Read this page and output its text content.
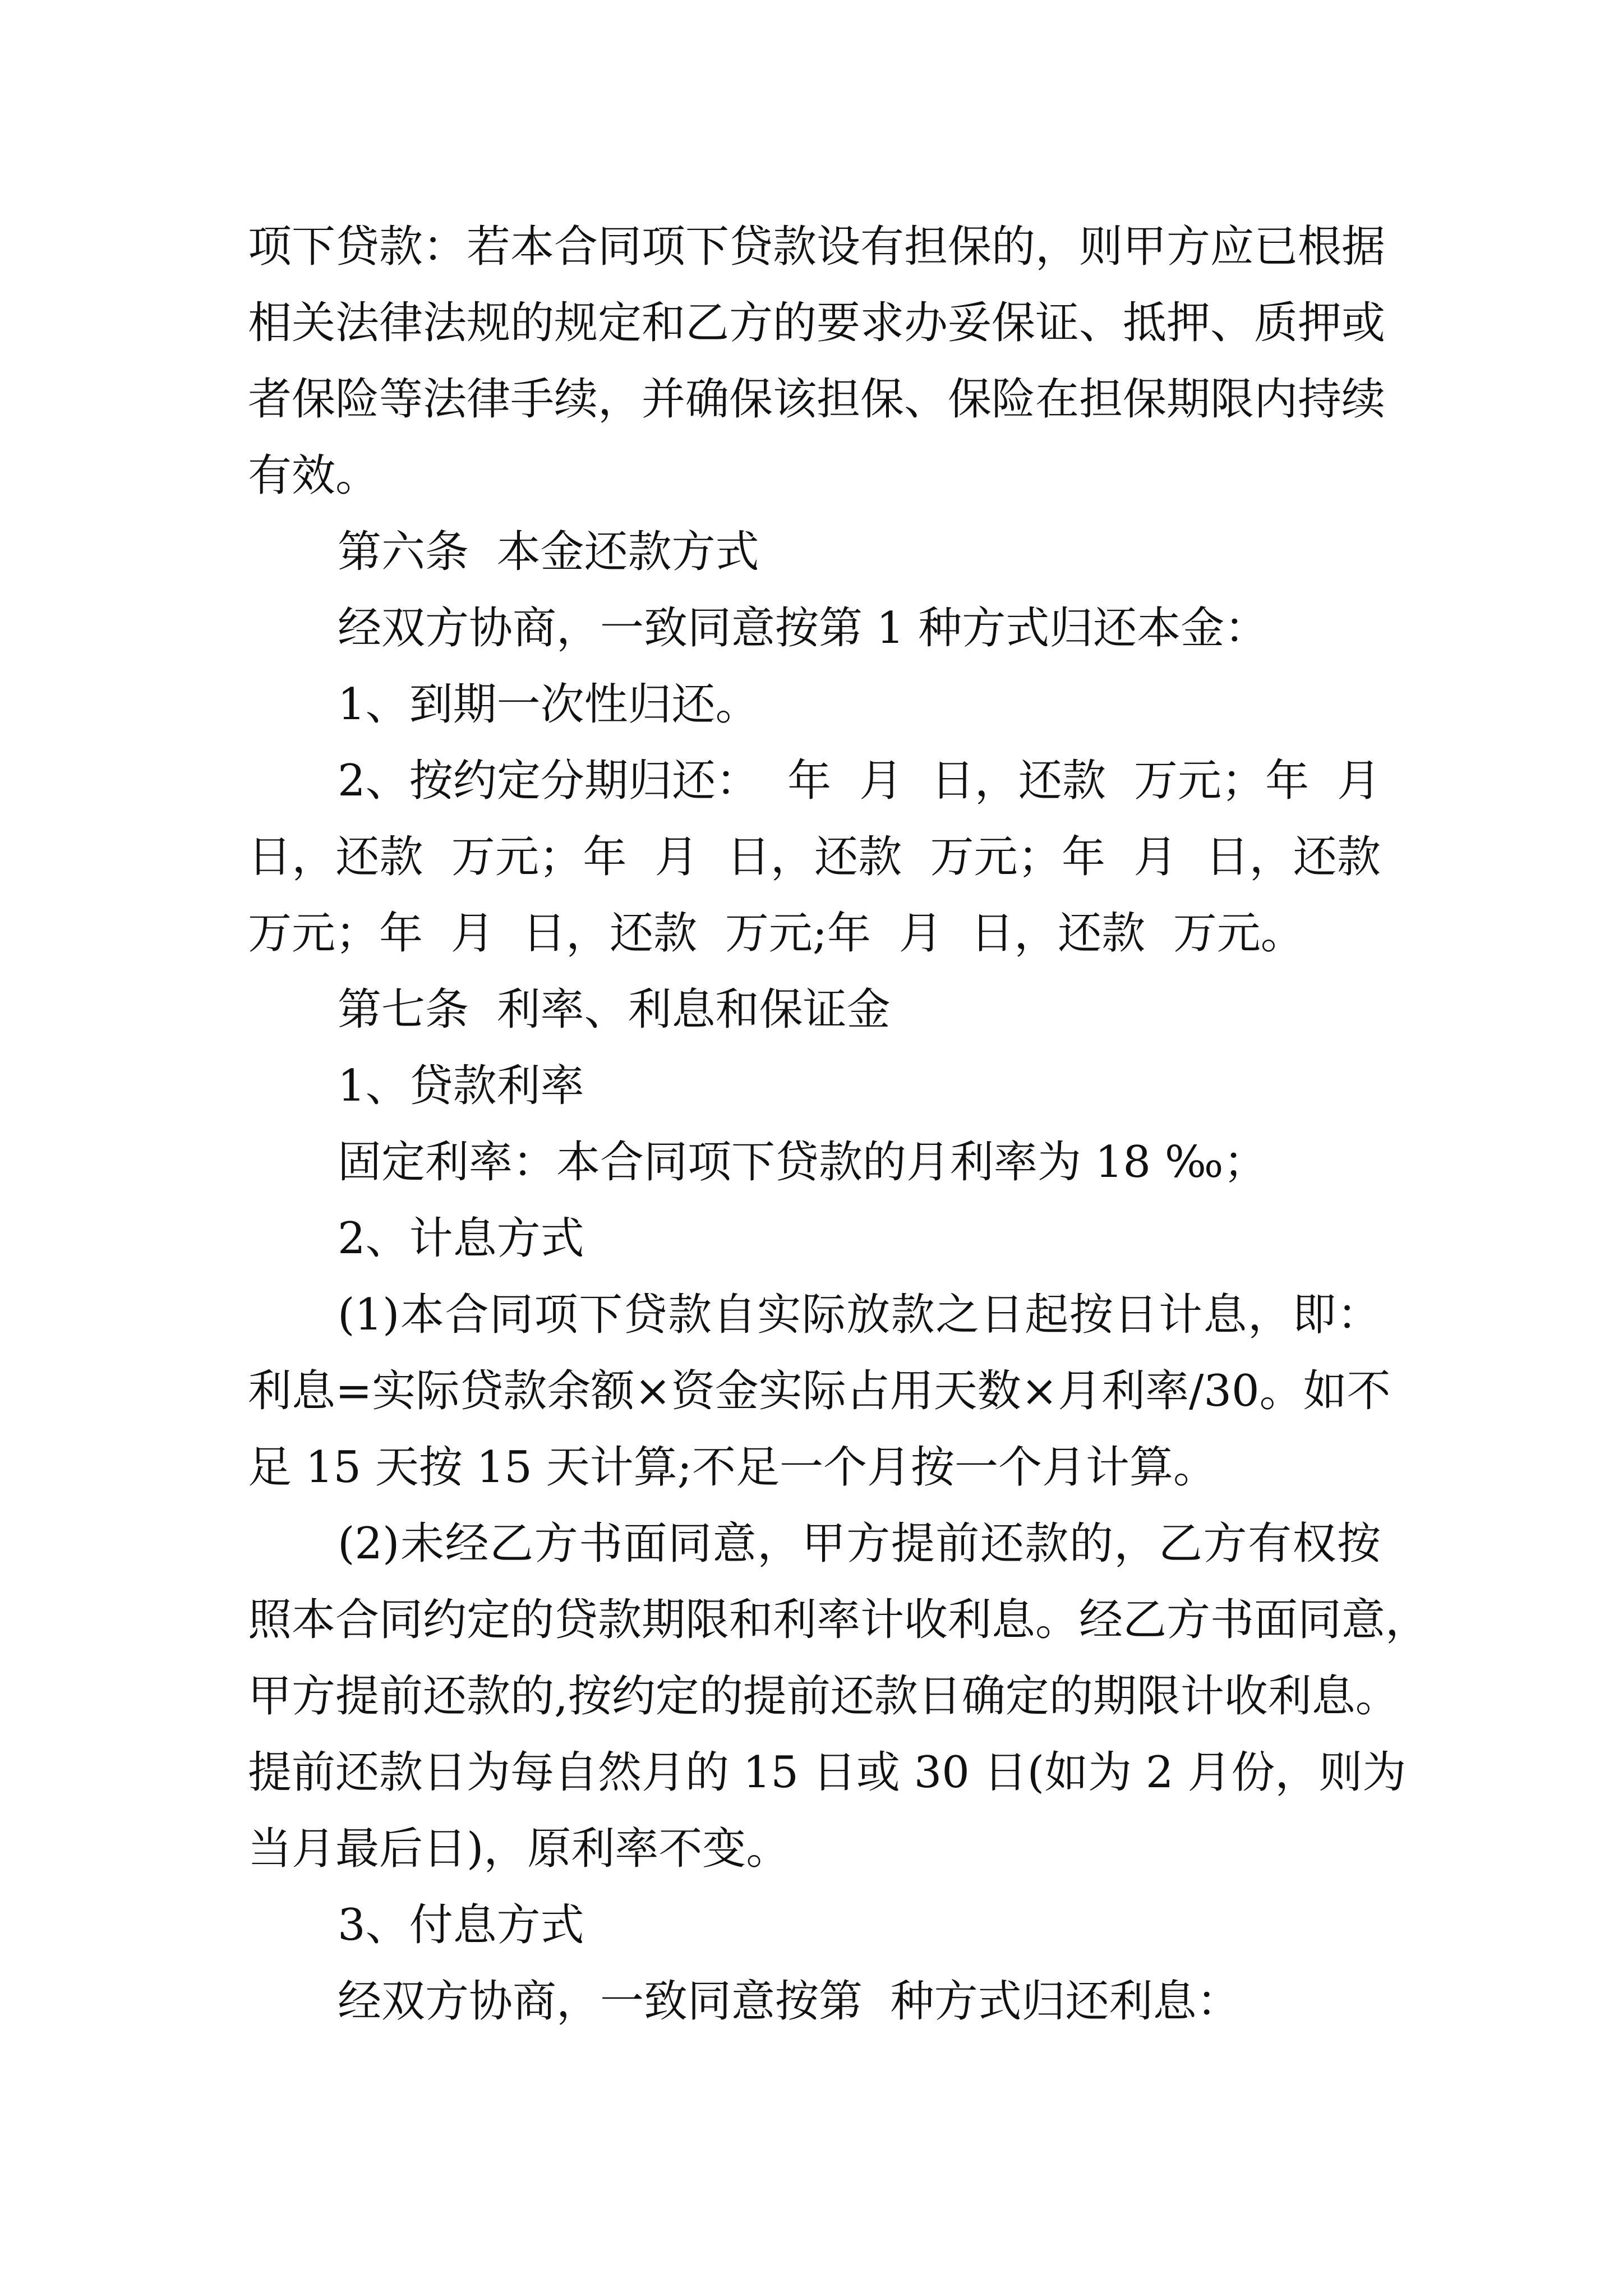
项下贷款：若本合同项下贷款设有担保的，则甲方应已根据
相关法律法规的规定和乙方的要求办妥保证、抵押、质押或
者保险等法律手续，并确保该担保、保险在担保期限内持续
有效。
第六条  本金还款方式
经双方协商，一致同意按第 1 种方式归还本金：
1、到期一次性归还。
2、按约定分期归还：  年  月  日，还款  万元；年  月
日，还款  万元；年  月  日，还款  万元；年  月  日，还款
万元；年  月  日，还款  万元;年  月  日，还款  万元。
第七条  利率、利息和保证金
1、贷款利率
固定利率：本合同项下贷款的月利率为 18 ‰；
2、计息方式
(1)本合同项下贷款自实际放款之日起按日计息，即：
利息=实际贷款余额×资金实际占用天数×月利率/30。如不
足 15 天按 15 天计算;不足一个月按一个月计算。
(2)未经乙方书面同意，甲方提前还款的，乙方有权按
照本合同约定的贷款期限和利率计收利息。经乙方书面同意，
甲方提前还款的,按约定的提前还款日确定的期限计收利息。
提前还款日为每自然月的 15 日或 30 日(如为 2 月份，则为
当月最后日)，原利率不变。
3、付息方式
经双方协商，一致同意按第  种方式归还利息：
